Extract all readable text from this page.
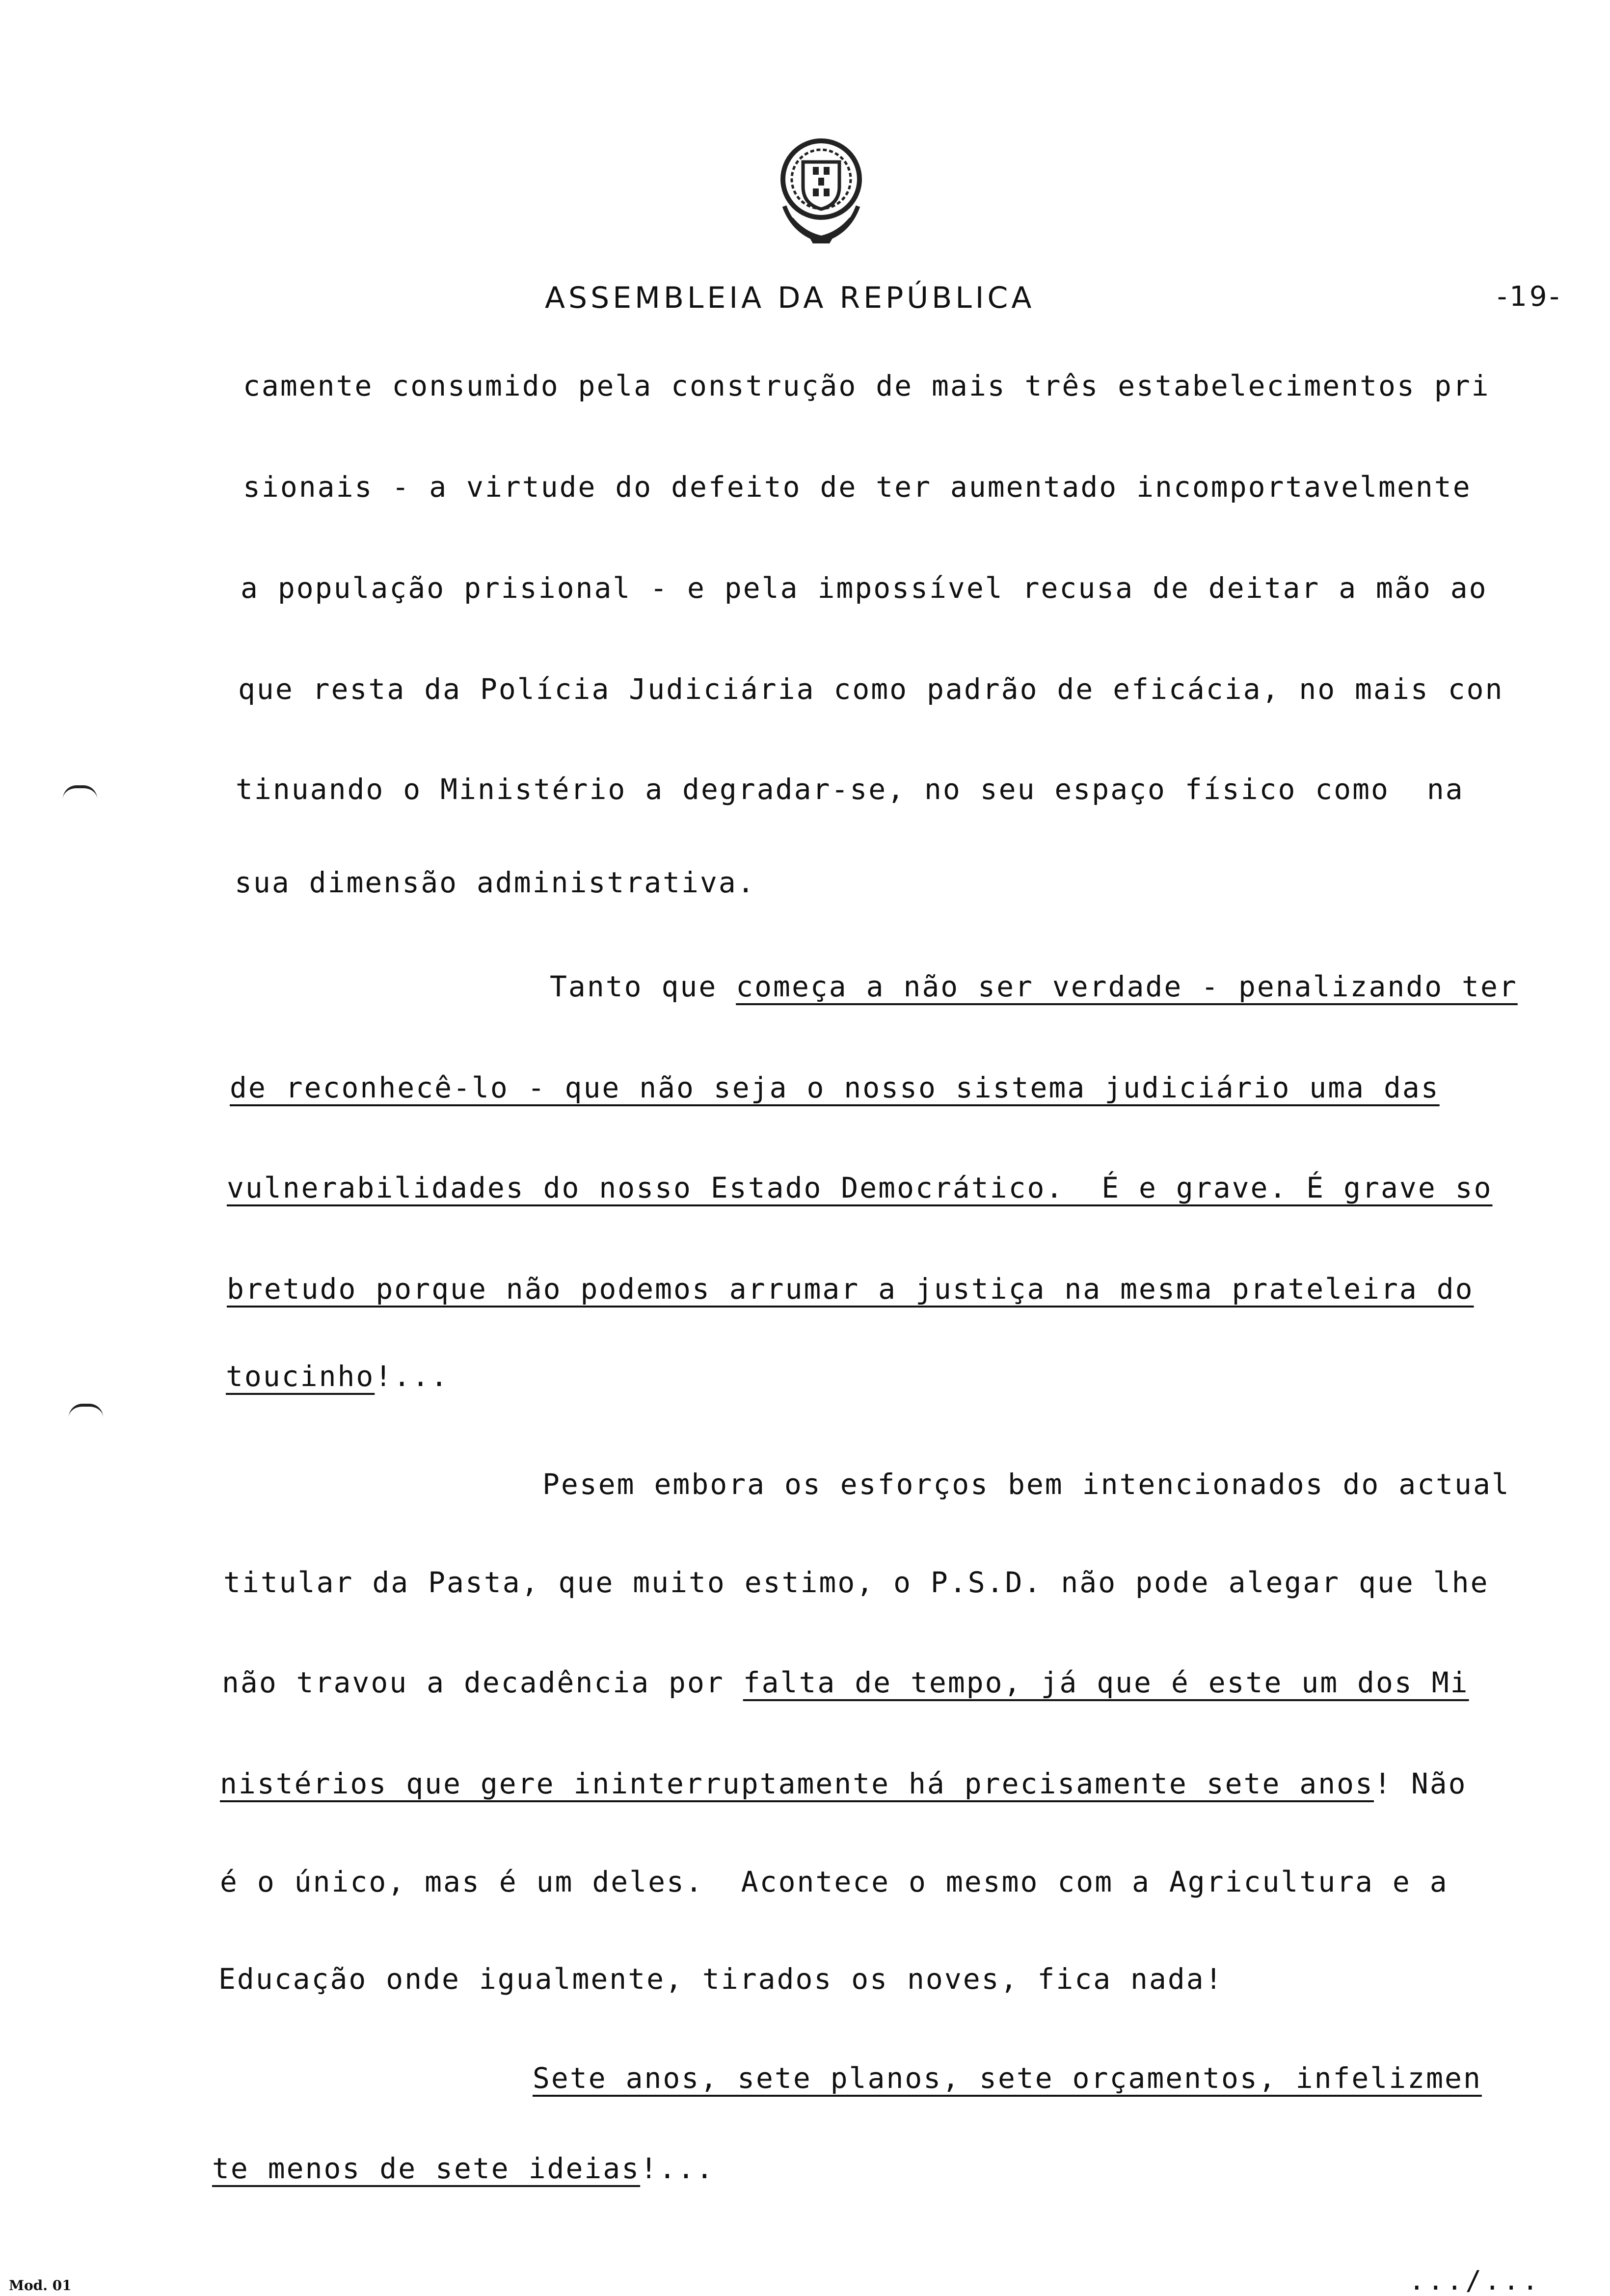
ASSEMBLEIA DA REPÚBLICA	-19-
camente consumido pela construção de mais três estabelecimentos pri
sionais - a virtude do defeito de ter aumentado incomportavelmente
a população prisional - e pela impossível recusa de deitar a mão ao
que resta da Polícia Judiciária como padrão de eficácia, no mais con
tinuando o Ministério a degradar-se, no seu espaço físico como  na
sua dimensão administrativa.
Tanto que começa a não ser verdade - penalizando ter
de reconhecê-lo - que não seja o nosso sistema judiciário uma das
vulnerabilidades do nosso Estado Democrático.  É e grave. É grave so
bretudo porque não podemos arrumar a justiça na mesma prateleira do
toucinho!...
Pesem embora os esforços bem intencionados do actual
titular da Pasta, que muito estimo, o P.S.D. não pode alegar que lhe
não travou a decadência por falta de tempo, já que é este um dos Mi
nistérios que gere ininterruptamente há precisamente sete anos! Não
é o único, mas é um deles.  Acontece o mesmo com a Agricultura e a
Educação onde igualmente, tirados os noves, fica nada!
Sete anos, sete planos, sete orçamentos, infelizmen
te menos de sete ideias!...
Mod. 01	.../...
